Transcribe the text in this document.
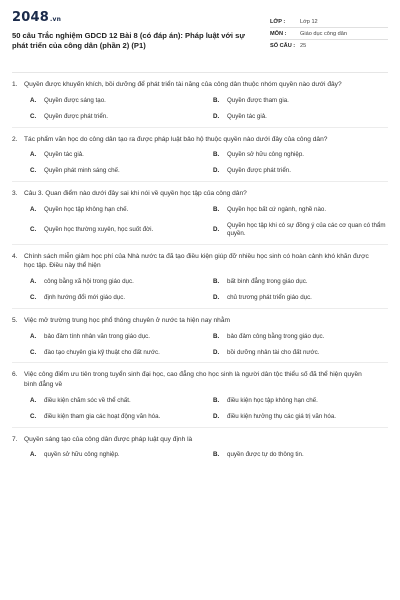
2048.vn
50 câu Trắc nghiệm GDCD 12 Bài 8 (có đáp án): Pháp luật với sự phát triển của công dân (phần 2) (P1)
LỚP :	Lớp 12
MÔN :	Giáo dục công dân
SỐ CÂU : 25
1. Quyền được khuyến khích, bồi dưỡng để phát triển tài năng của công dân thuộc nhóm quyền nào dưới đây?
A.	Quyền được sáng tạo.	B.	Quyền được tham gia.
C.	Quyền được phát triển.	D.	Quyền tác giả.
2. Tác phẩm văn học do công dân tạo ra được pháp luật bảo hộ thuộc quyền nào dưới đây của công dân?
A.	Quyền tác giả.	B.	Quyền sở hữu công nghiệp.
C.	Quyền phát minh sáng chế.	D.	Quyền được phát triển.
3. Câu 3. Quan điểm nào dưới đây sai khi nói về quyền học tập của công dân?
A.	Quyền học tập không hạn chế.	B.	Quyền học bất cứ ngành, nghề nào.
C.	Quyền học thường xuyên, học suốt đời.	D.
Quyền học tập khi có sự đồng ý của các cơ quan có thẩm quyền.
4. Chính sách miễn giảm học phí của Nhà nước ta đã tạo điều kiện giúp đỡ nhiều học sinh có hoàn cảnh khó khăn được học tập. Điều này thể hiện
A.	công bằng xã hội trong giáo dục.	B.	bất bình đẳng trong giáo dục.
C.	định hướng đổi mới giáo dục.	D.	chủ trương phát triển giáo dục.
5. Việc mở trường trung học phổ thông chuyên ở nước ta hiện nay nhằm
A.	bảo đảm tính nhân văn trong giáo dục.	B.	bảo đảm công bằng trong giáo dục.
C.	đào tạo chuyên gia kỹ thuật cho đất nước.	D.	bồi dưỡng nhân tài cho đất nước.
6. Việc công điểm ưu tiên trong tuyển sinh đại học, cao đẳng cho học sinh là người dân tộc thiểu số đã thể hiện quyền bình đẳng về
A.	điều kiện chăm sóc về thể chất.	B.	điều kiện học tập không hạn chế.
C.	điều kiện tham gia các hoạt động văn hóa.	D.	điều kiện hưởng thụ các giá trị văn hóa.
7. Quyền sáng tạo của công dân được pháp luật quy định là
A.	quyền sở hữu công nghiệp.	B.	quyền được tự do thông tin.
